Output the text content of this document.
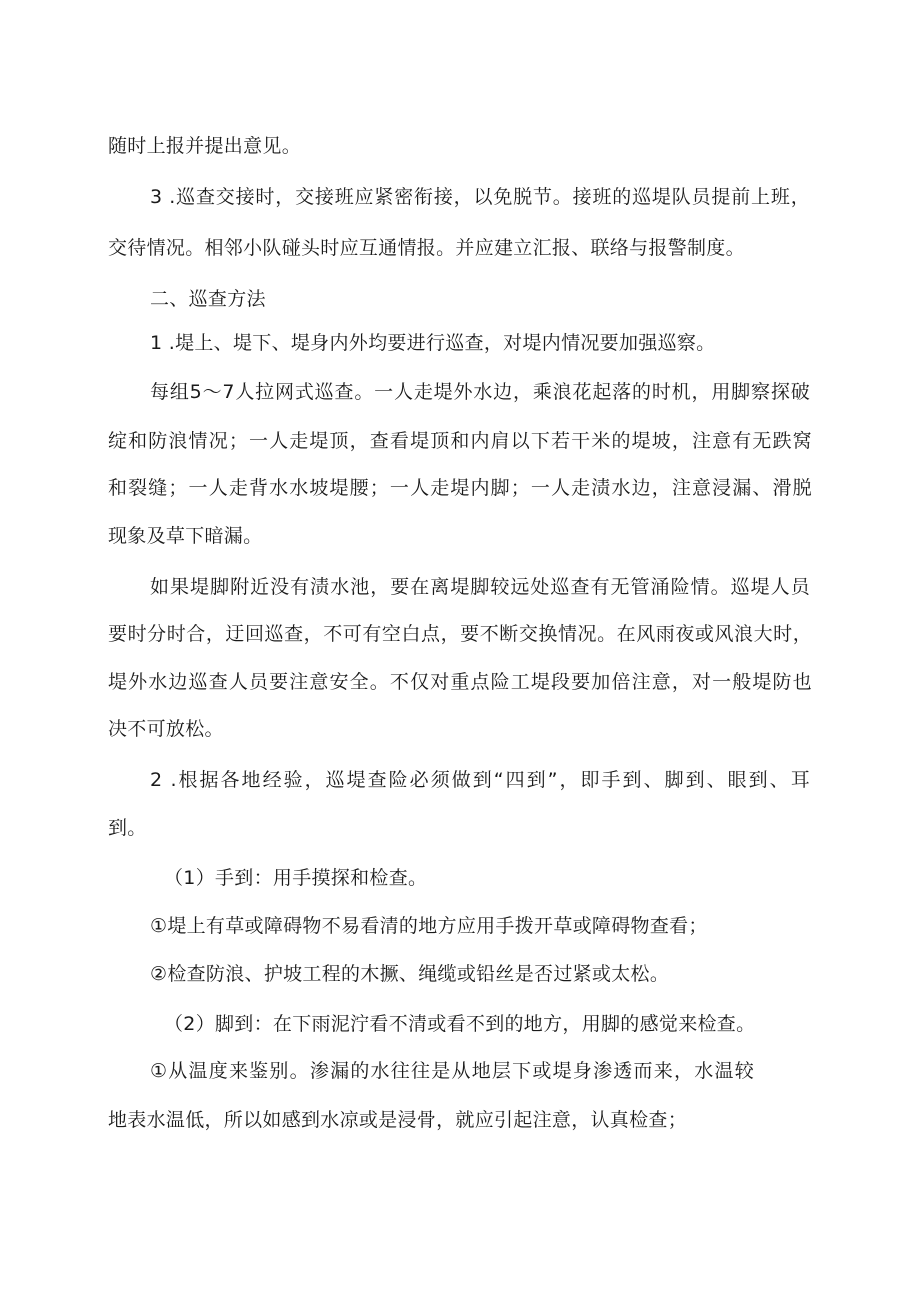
随时上报并提出意见。
3 .巡查交接时，交接班应紧密衔接，以免脱节。接班的巡堤队员提前上班，
交待情况。相邻小队碰头时应互通情报。并应建立汇报、联络与报警制度。
二、巡查方法
1 .堤上、堤下、堤身内外均要进行巡查，对堤内情况要加强巡察。
每组5～7人拉网式巡查。一人走堤外水边，乘浪花起落的时机，用脚察探破
绽和防浪情况；一人走堤顶，查看堤顶和内肩以下若干米的堤坡，注意有无跌窝
和裂缝；一人走背水水坡堤腰；一人走堤内脚；一人走渍水边，注意浸漏、滑脱
现象及草下暗漏。
如果堤脚附近没有渍水池，要在离堤脚较远处巡查有无管涌险情。巡堤人员
要时分时合，迂回巡查，不可有空白点，要不断交换情况。在风雨夜或风浪大时，
堤外水边巡查人员要注意安全。不仅对重点险工堤段要加倍注意，对一般堤防也
决不可放松。
2 .根据各地经验，巡堤查险必须做到“四到”，即手到、脚到、眼到、耳
到。
（1）手到：用手摸探和检查。
①堤上有草或障碍物不易看清的地方应用手拨开草或障碍物查看；
②检查防浪、护坡工程的木撅、绳缆或铅丝是否过紧或太松。
（2）脚到：在下雨泥泞看不清或看不到的地方，用脚的感觉来检查。
①从温度来鉴别。渗漏的水往往是从地层下或堤身渗透而来，水温较
地表水温低，所以如感到水凉或是浸骨，就应引起注意，认真检查；
